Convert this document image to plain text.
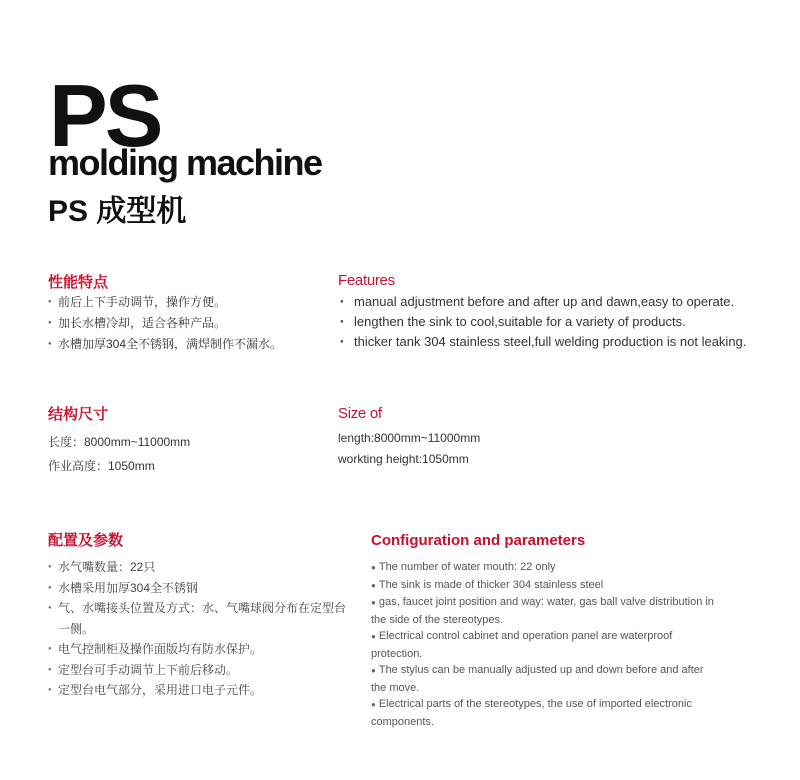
PS
molding machine
PS 成型机
性能特点
● 前后上下手动调节，操作方便。
● 加长水槽冷却，适合各种产品。
● 水槽加厚304全不锈钢，满焊制作不漏水。
Features
● manual adjustment before and after up and dawn,easy to operate.
● lengthen the sink to cool,suitable for a variety of products.
● thicker tank 304 stainless steel,full welding production is not leaking.
结构尺寸
长度：8000mm~11000mm
作业高度：1050mm
Size of
length:8000mm~11000mm
workting height:1050mm
配置及参数
● 水气嘴数量：22只
● 水槽采用加厚304全不锈钢
● 气、水嘴接头位置及方式：水、气嘴球阀分布在定型台一侧。
● 电气控制柜及操作面版均有防水保护。
● 定型台可手动调节上下前后移动。
● 定型台电气部分，采用进口电子元件。
Configuration and parameters
● The number of water mouth: 22 only
● The sink is made of thicker 304 stainless steel
● gas, faucet joint position and way: water, gas ball valve distribution in the side of the stereotypes.
● Electrical control cabinet and operation panel are waterproof protection.
● The stylus can be manually adjusted up and down before and after the move.
● Electrical parts of the stereotypes, the use of imported electronic components.
